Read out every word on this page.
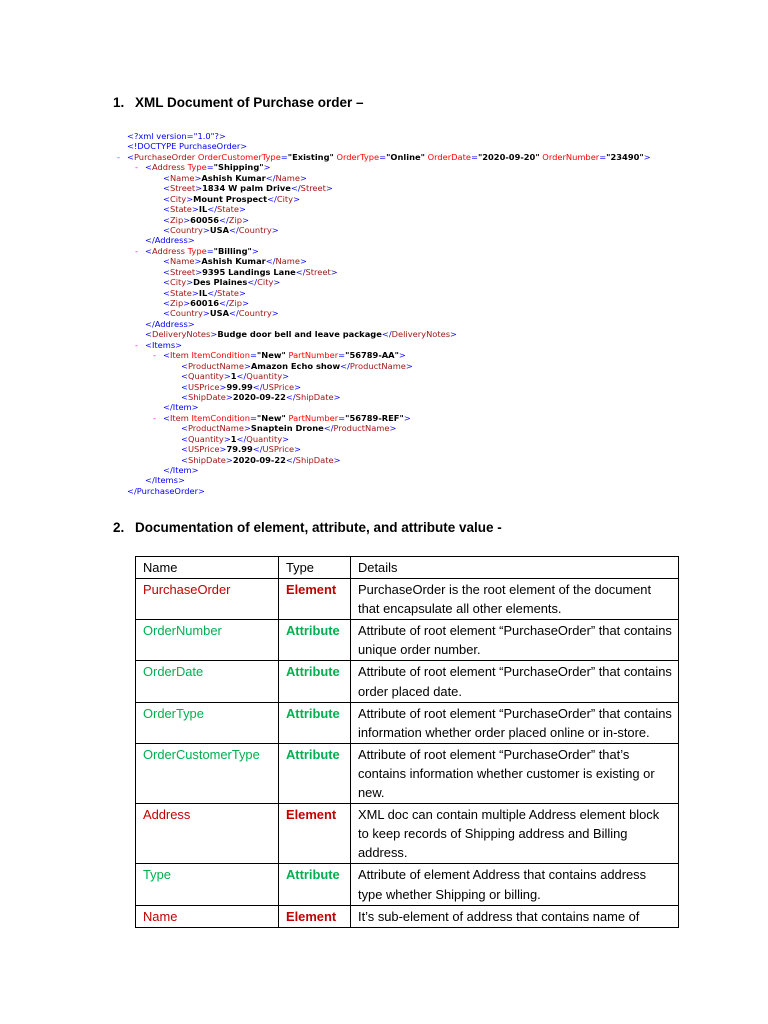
1. XML Document of Purchase order –
<?xml version="1.0"?>
<!DOCTYPE PurchaseOrder>
- <PurchaseOrder OrderCustomerType="Existing" OrderType="Online" OrderDate="2020-09-20" OrderNumber="23490">
- <Address Type="Shipping">
<Name>Ashish Kumar</Name>
<Street>1834 W palm Drive</Street>
<City>Mount Prospect</City>
<State>IL</State>
<Zip>60056</Zip>
<Country>USA</Country>
</Address>
- <Address Type="Billing">
<Name>Ashish Kumar</Name>
<Street>9395 Landings Lane</Street>
<City>Des Plaines</City>
<State>IL</State>
<Zip>60016</Zip>
<Country>USA</Country>
</Address>
<DeliveryNotes>Budge door bell and leave package</DeliveryNotes>
- <Items>
- <Item ItemCondition="New" PartNumber="56789-AA">
<ProductName>Amazon Echo show</ProductName>
<Quantity>1</Quantity>
<USPrice>99.99</USPrice>
<ShipDate>2020-09-22</ShipDate>
</Item>
- <Item ItemCondition="New" PartNumber="56789-REF">
<ProductName>Snaptein Drone</ProductName>
<Quantity>1</Quantity>
<USPrice>79.99</USPrice>
<ShipDate>2020-09-22</ShipDate>
</Item>
</Items>
</PurchaseOrder>
2. Documentation of element, attribute, and attribute value -
Name	Type	Details
PurchaseOrder	Element	PurchaseOrder is the root element of the document that encapsulate all other elements.
OrderNumber	Attribute	Attribute of root element “PurchaseOrder” that contains unique order number.
OrderDate	Attribute	Attribute of root element “PurchaseOrder” that contains order placed date.
OrderType	Attribute	Attribute of root element “PurchaseOrder” that contains information whether order placed online or in-store.
OrderCustomerType	Attribute	Attribute of root element “PurchaseOrder” that’s contains information whether customer is existing or new.
Address	Element	XML doc can contain multiple Address element block to keep records of Shipping address and Billing address.
Type	Attribute	Attribute of element Address that contains address type whether Shipping or billing.
Name	Element	It’s sub-element of address that contains name of
